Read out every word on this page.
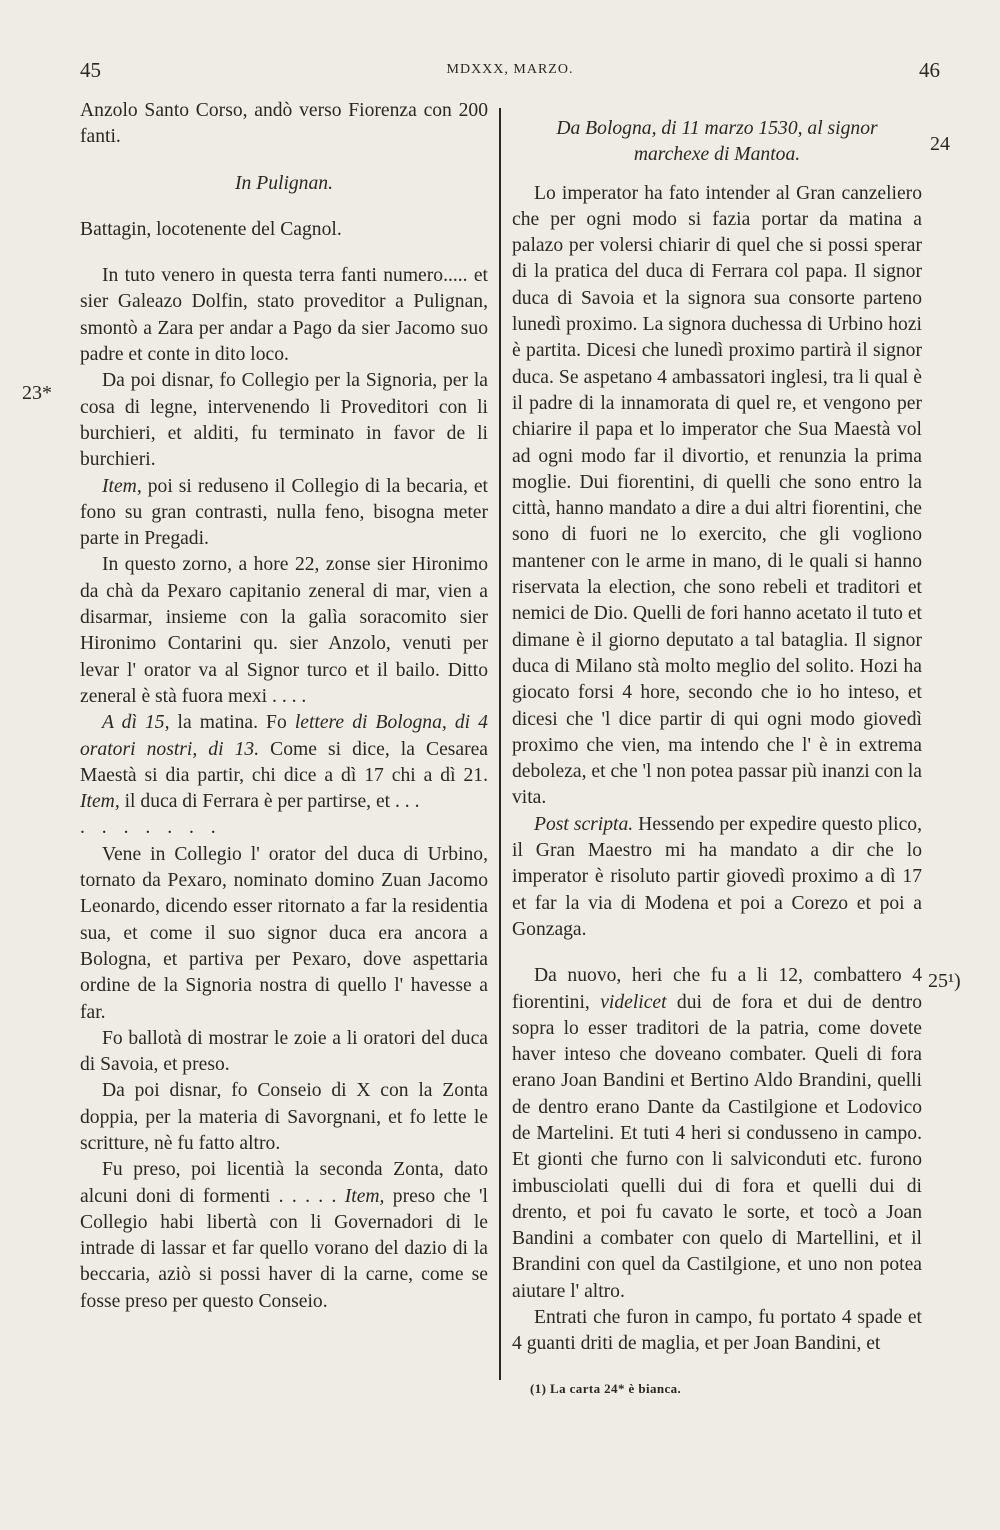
45	MDXXX, MARZO.	46
23*
24
25¹)

Anzolo Santo Corso, andò verso Fiorenza con 200 fanti.

In Pulignan.

Battagin, locotenente del Cagnol.

In tuto venero in questa terra fanti numero..... et sier Galeazo Dolfin, stato proveditor a Pulignan, smontò a Zara per andar a Pago da sier Jacomo suo padre et conte in dito loco.

Da poi disnar, fo Collegio per la Signoria, per la cosa di legne, intervenendo li Proveditori con li burchieri, et alditi, fu terminato in favor de li burchieri.

Item, poi si reduseno il Collegio di la becaria, et fono su gran contrasti, nulla feno, bisogna meter parte in Pregadi.

In questo zorno, a hore 22, zonse sier Hironimo da chà da Pexaro capitanio zeneral di mar, vien a disarmar, insieme con la galìa soracomito sier Hironimo Contarini qu. sier Anzolo, venuti per levar l' orator va al Signor turco et il bailo. Ditto zeneral è stà fuora mexi . . . .

A dì 15, la matina. Fo lettere di Bologna, di 4 oratori nostri, di 13. Come si dice, la Cesarea Maestà si dia partir, chi dice a dì 17 chi a dì 21. Item, il duca di Ferrara è per partirse, et . . .

. . . . . . .

Vene in Collegio l' orator del duca di Urbino, tornato da Pexaro, nominato domino Zuan Jacomo Leonardo, dicendo esser ritornato a far la residentia sua, et come il suo signor duca era ancora a Bologna, et partiva per Pexaro, dove aspettaria ordine de la Signoria nostra di quello l' havesse a far.

Fo ballotà di mostrar le zoie a li oratori del duca di Savoia, et preso.

Da poi disnar, fo Conseio di X con la Zonta doppia, per la materia di Savorgnani, et fo lette le scritture, nè fu fatto altro.

Fu preso, poi licentià la seconda Zonta, dato alcuni doni di formenti . . . . . Item, preso che 'l Collegio habi libertà con li Governadori di le intrade di lassar et far quello vorano del dazio di la beccaria, aziò si possi haver di la carne, come se fosse preso per questo Conseio.

Da Bologna, di 11 marzo 1530, al signor marchexe di Mantoa.

Lo imperator ha fato intender al Gran canzeliero che per ogni modo si fazia portar da matina a palazo per volersi chiarir di quel che si possi sperar di la pratica del duca di Ferrara col papa. Il signor duca di Savoia et la signora sua consorte parteno lunedì proximo. La signora duchessa di Urbino hozi è partita. Dicesi che lunedì proximo partirà il signor duca. Se aspetano 4 ambassatori inglesi, tra li qual è il padre di la innamorata di quel re, et vengono per chiarire il papa et lo imperator che Sua Maestà vol ad ogni modo far il divortio, et renunzia la prima moglie. Dui fiorentini, di quelli che sono entro la città, hanno mandato a dire a dui altri fiorentini, che sono di fuori ne lo exercito, che gli vogliono mantener con le arme in mano, di le quali si hanno riservata la election, che sono rebeli et traditori et nemici de Dio. Quelli de fori hanno acetato il tuto et dimane è il giorno deputato a tal bataglia. Il signor duca di Milano stà molto meglio del solito. Hozi ha giocato forsi 4 hore, secondo che io ho inteso, et dicesi che 'l dice partir di qui ogni modo giovedì proximo che vien, ma intendo che l' è in extrema deboleza, et che 'l non potea passar più inanzi con la vita.

Post scripta. Hessendo per expedire questo plico, il Gran Maestro mi ha mandato a dir che lo imperator è risoluto partir giovedì proximo a dì 17 et far la via di Modena et poi a Corezo et poi a Gonzaga.

Da nuovo, heri che fu a li 12, combattero 4 fiorentini, videlicet dui de fora et dui de dentro sopra lo esser traditori de la patria, come dovete haver inteso che doveano combater. Queli di fora erano Joan Bandini et Bertino Aldo Brandini, quelli de dentro erano Dante da Castilgione et Lodovico de Martelini. Et tuti 4 heri si condusseno in campo. Et gionti che furno con li salviconduti etc. furono imbusciolati quelli dui di fora et quelli dui di drento, et poi fu cavato le sorte, et tocò a Joan Bandini a combater con quelo di Martellini, et il Brandini con quel da Castilgione, et uno non potea aiutare l' altro.

Entrati che furon in campo, fu portato 4 spade et 4 guanti driti de maglia, et per Joan Bandini, et

(1) La carta 24* è bianca.
